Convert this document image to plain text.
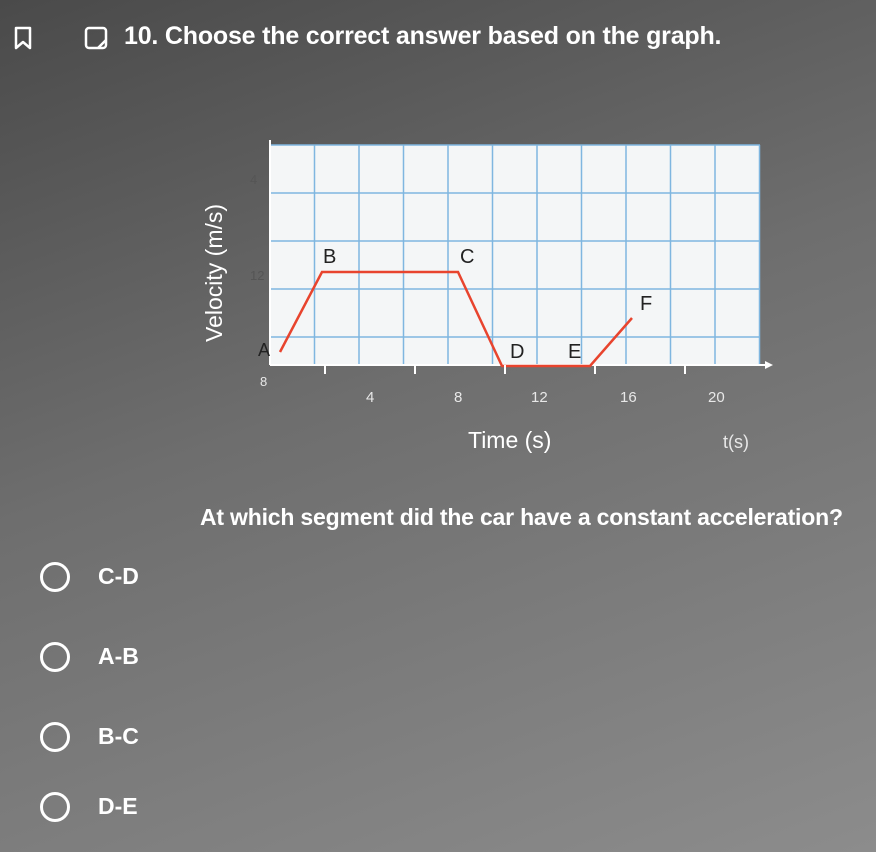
10. Choose the correct answer based on the graph.
A
B	C
D E
F
8
12
4
4	8	12	16	20
Time (s)	t(s)
Velocity (m/s)
At which segment did the car have a constant acceleration?
C-D
A-B
B-C
D-E
